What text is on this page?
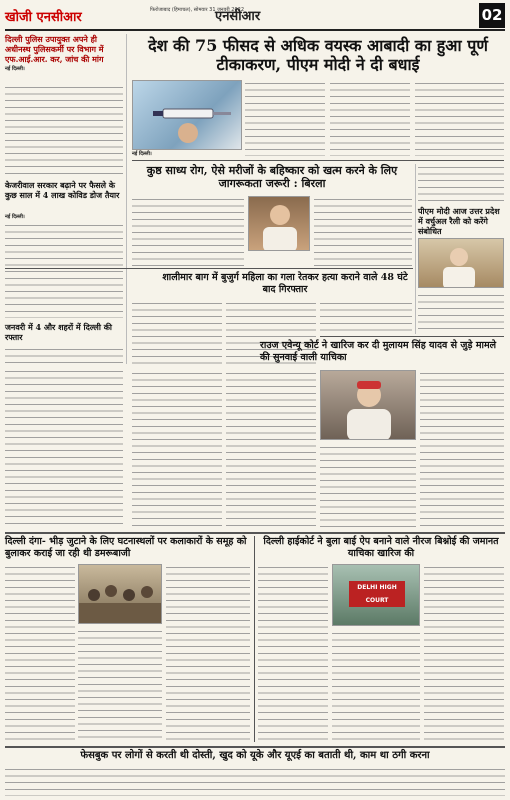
खोजी एनसीआर	फिरोजाबाद (हिमाचल), सोमवार 31 जनवरी 2022
एनसीआर	02
दिल्ली पुलिस उपायुक्त अपने ही अधीनस्थ पुलिसकर्मी पर विभाग में एफ.आई.आर. कर, जांच की मांग
नई दिल्ली।
केजरीवाल सरकार बढ़ाने पर फैसले के कुछ साल में 4 लाख कोविड डोज तैयार
नई दिल्ली।
जनवरी में 4 और शहरों में दिल्ली की रफ्तार
देश की 75 फीसद से अधिक वयस्क आबादी का हुआ पूर्ण टीकाकरण, पीएम मोदी ने दी बधाई
नई दिल्ली।
कुष्ठ साध्य रोग, ऐसे मरीजों के बहिष्कार को खत्म करने के लिए जागरूकता जरूरी : बिरला
पीएम मोदी आज उत्तर प्रदेश में वर्चुअल रैली को करेंगे संबोधित
शालीमार बाग में बुजुर्ग महिला का गला रेतकर हत्या कराने वाले 48 घंटे बाद गिरफ्तार
राउज एवेन्यू कोर्ट ने खारिज कर दी मुलायम सिंह यादव से जुड़े मामले की सुनवाई वाली याचिका
दिल्ली दंगा- भीड़ जुटाने के लिए घटनास्थलों पर कलाकारों के समूह को बुलाकर कराई जा रही थी डमरूबाजी
दिल्ली हाईकोर्ट ने बुला बाई ऐप बनाने वाले नीरज बिश्नोई की जमानत याचिका खारिज की
DELHI HIGH COURT
फेसबुक पर लोगों से करती थी दोस्ती, खुद को यूके और यूएई का बताती थी, काम था ठगी करना
